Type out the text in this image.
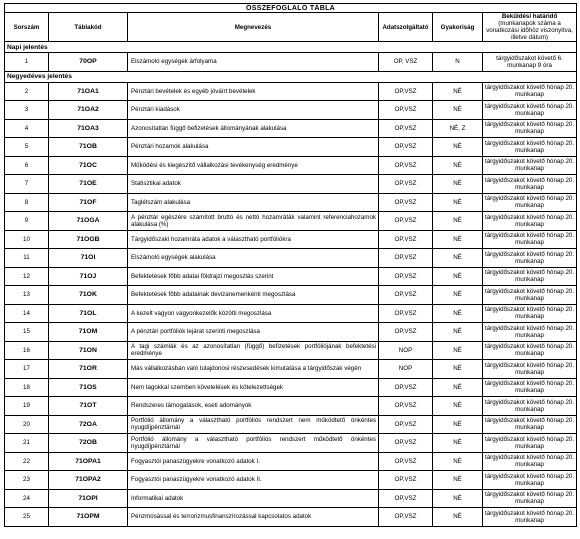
ÖSSZEFOGLALÓ TÁBLA					
Sorszám	Táblakód	Megnevezés	Adatszolgáltató	Gyakoriság	Beküldési határidő
(munkanapok száma a vonatkozási időhöz viszonyítva, illetve dátum)

Napi jelentés					
1	70OP	Elszámoló egységek árfolyama	OP, VSZ	N	tárgyidőszakot követő 6. munkanap 9 óra
Negyedéves jelentés					
2	71OA1	Pénztári bevételek és egyéb jóváírt bevételek	OP,VSZ	NÉ	tárgyidőszakot követő hónap 20. munkanap
3	71OA2	Pénztári kiadások	OP,VSZ	NÉ	tárgyidőszakot követő hónap 20. munkanap
4	71OA3	Azonosítatlan függő befizetések állományának alakulása	OP,VSZ	NÉ, Z	tárgyidőszakot követő hónap 20. munkanap
5	71OB	Pénztári hozamok alakulása	OP,VSZ	NÉ	tárgyidőszakot követő hónap 20. munkanap
6	71OC	Működési és kiegészítő vállalkozási tevékenység eredménye	OP,VSZ	NÉ	tárgyidőszakot követő hónap 20. munkanap
7	71OE	Statisztikai adatok	OP,VSZ	NÉ	tárgyidőszakot követő hónap 20. munkanap
8	71OF	Taglétszám alakulása	OP,VSZ	NÉ	tárgyidőszakot követő hónap 20. munkanap
9	71OGA	A pénztár egészére számított bruttó és nettó hozamráták valamint referenciahozamok alakulása (%)	OP,VSZ	NÉ	tárgyidőszakot követő hónap 20. munkanap
10	71OGB	Tárgyidőszaki hozamráta adatok a választható portfóliókra	OP,VSZ	NÉ	tárgyidőszakot követő hónap 20. munkanap
11	71OI	Elszámoló egységek alakulása	OP,VSZ	NÉ	tárgyidőszakot követő hónap 20. munkanap
12	71OJ	Befektetések főbb adatai földrajzi megoszlás szerint	OP,VSZ	NÉ	tárgyidőszakot követő hónap 20. munkanap
13	71OK	Befektetések főbb adatainak devizanemenkénti megoszlása	OP,VSZ	NÉ	tárgyidőszakot követő hónap 20. munkanap
14	71OL	A kezelt vagyon vagyonkezelők közötti megoszlása	OP,VSZ	NÉ	tárgyidőszakot követő hónap 20. munkanap
15	71OM	A pénztári portfóliók lejárat szerinti megoszlása	OP,VSZ	NÉ	tárgyidőszakot követő hónap 20. munkanap
16	71ON	A tagi számlák és az azonosítatlan (függő) befizetések portfóliójának befektetési eredménye	NOP	NÉ	tárgyidőszakot követő hónap 20. munkanap
17	71OR	Más vállalkozásban való tulajdonosi részesedések kimutatása a tárgyidőszak végén	NOP	NÉ	tárgyidőszakot követő hónap 20. munkanap
18	71OS	Nem tagokkal szemben követelések és kötelezettségek	OP,VSZ	NÉ	tárgyidőszakot követő hónap 20. munkanap
19	71OT	Rendszeres támogatások, eseti adományok	OP,VSZ	NÉ	tárgyidőszakot követő hónap 20. munkanap
20	72OA	Portfólió állomány a választható portfóliós rendszert nem működtető önkéntes nyugdíjpénztárnál	OP,VSZ	NÉ	tárgyidőszakot követő hónap 20. munkanap
21	72OB	Portfólió állomány a választható portfóliós rendszert működtető önkéntes nyugdíjpénztárnál	OP,VSZ	NÉ	tárgyidőszakot követő hónap 20. munkanap
22	71OPA1	Fogyasztói panaszügyekre vonatkozó adatok I.	OP,VSZ	NÉ	tárgyidőszakot követő hónap 20. munkanap
23	71OPA2	Fogyasztói panaszügyekre vonatkozó adatok II.	OP,VSZ	NÉ	tárgyidőszakot követő hónap 20. munkanap
24	71OPI	Informatikai adatok	OP,VSZ	NÉ	tárgyidőszakot követő hónap 20. munkanap
25	71OPM	Pénzmosással és terrorizmusfinanszírozással kapcsolatos adatok	OP,VSZ	NÉ	tárgyidőszakot követő hónap 20. munkanap
